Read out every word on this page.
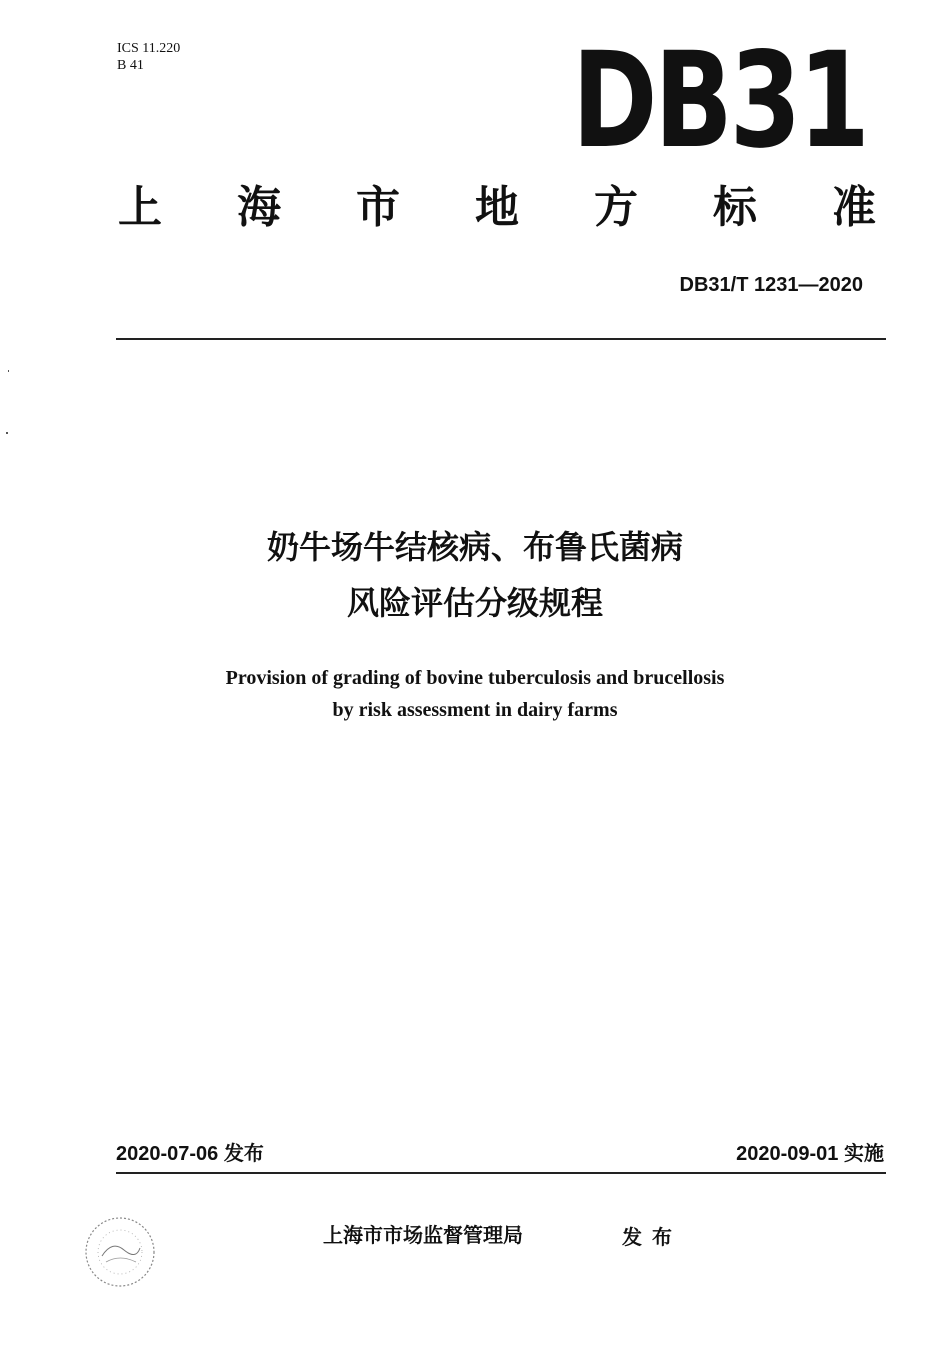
ICS 11.220
B 41	DB31
上 海 市 地 方 标 准
DB31/T 1231—2020
奶牛场牛结核病、布鲁氏菌病
风险评估分级规程
Provision of grading of bovine tuberculosis and brucellosis
by risk assessment in dairy farms
2020-07-06 发布	2020-09-01 实施
上海市市场监督管理局	发布
